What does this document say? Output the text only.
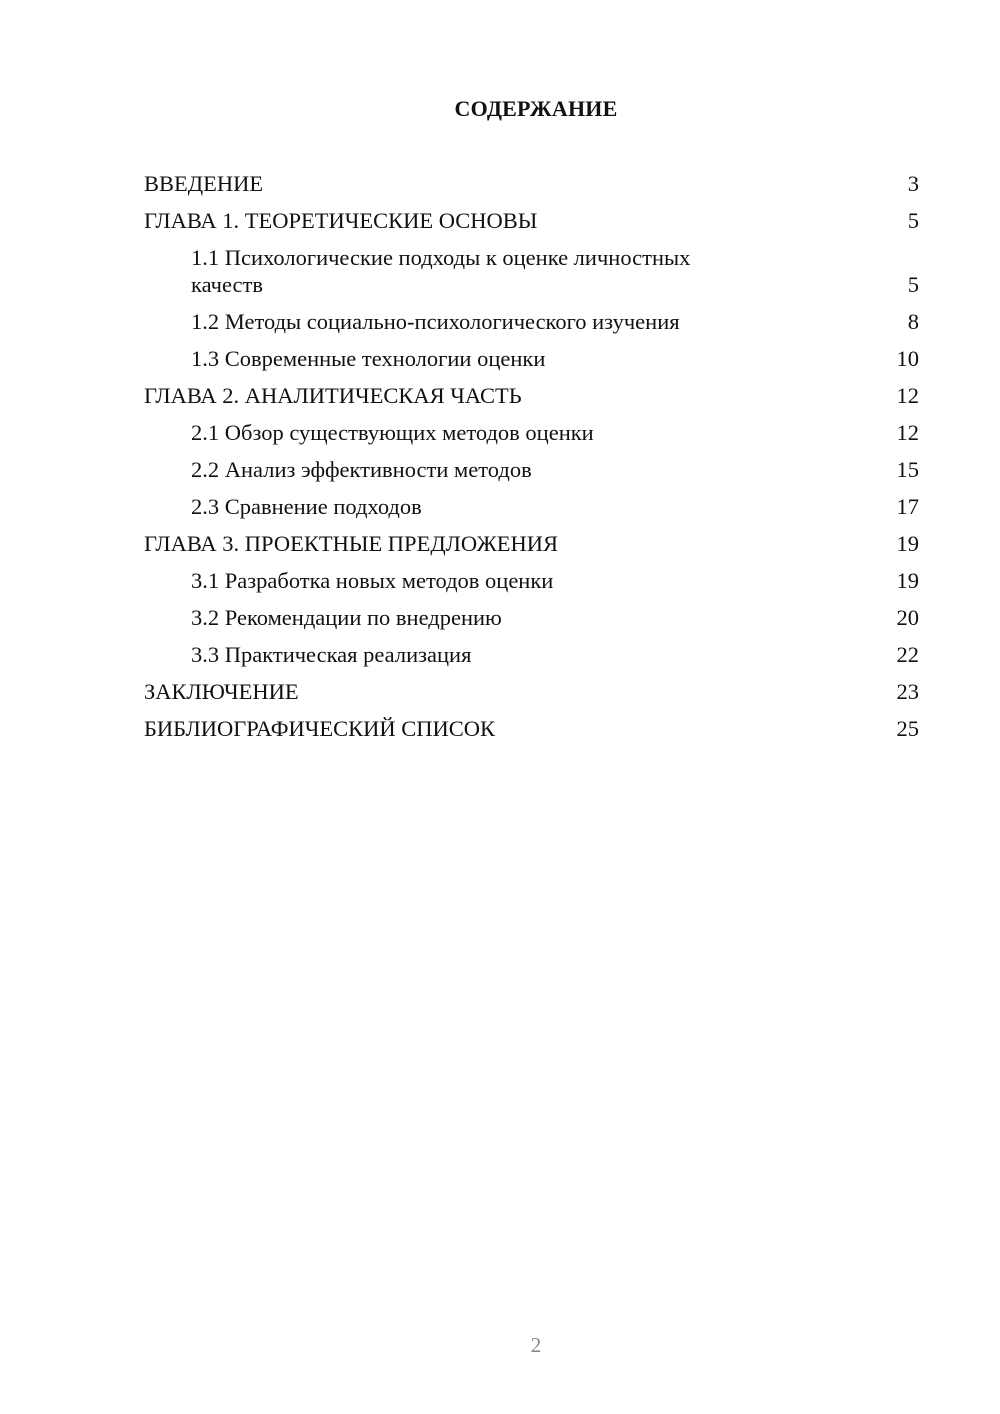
СОДЕРЖАНИЕ
ВВЕДЕНИЕ	3
ГЛАВА 1. ТЕОРЕТИЧЕСКИЕ ОСНОВЫ	5
1.1 Психологические подходы к оценке личностных качеств	5
1.2 Методы социально-психологического изучения	8
1.3 Современные технологии оценки	10
ГЛАВА 2. АНАЛИТИЧЕСКАЯ ЧАСТЬ	12
2.1 Обзор существующих методов оценки	12
2.2 Анализ эффективности методов	15
2.3 Сравнение подходов	17
ГЛАВА 3. ПРОЕКТНЫЕ ПРЕДЛОЖЕНИЯ	19
3.1 Разработка новых методов оценки	19
3.2 Рекомендации по внедрению	20
3.3 Практическая реализация	22
ЗАКЛЮЧЕНИЕ	23
БИБЛИОГРАФИЧЕСКИЙ СПИСОК	25
2
